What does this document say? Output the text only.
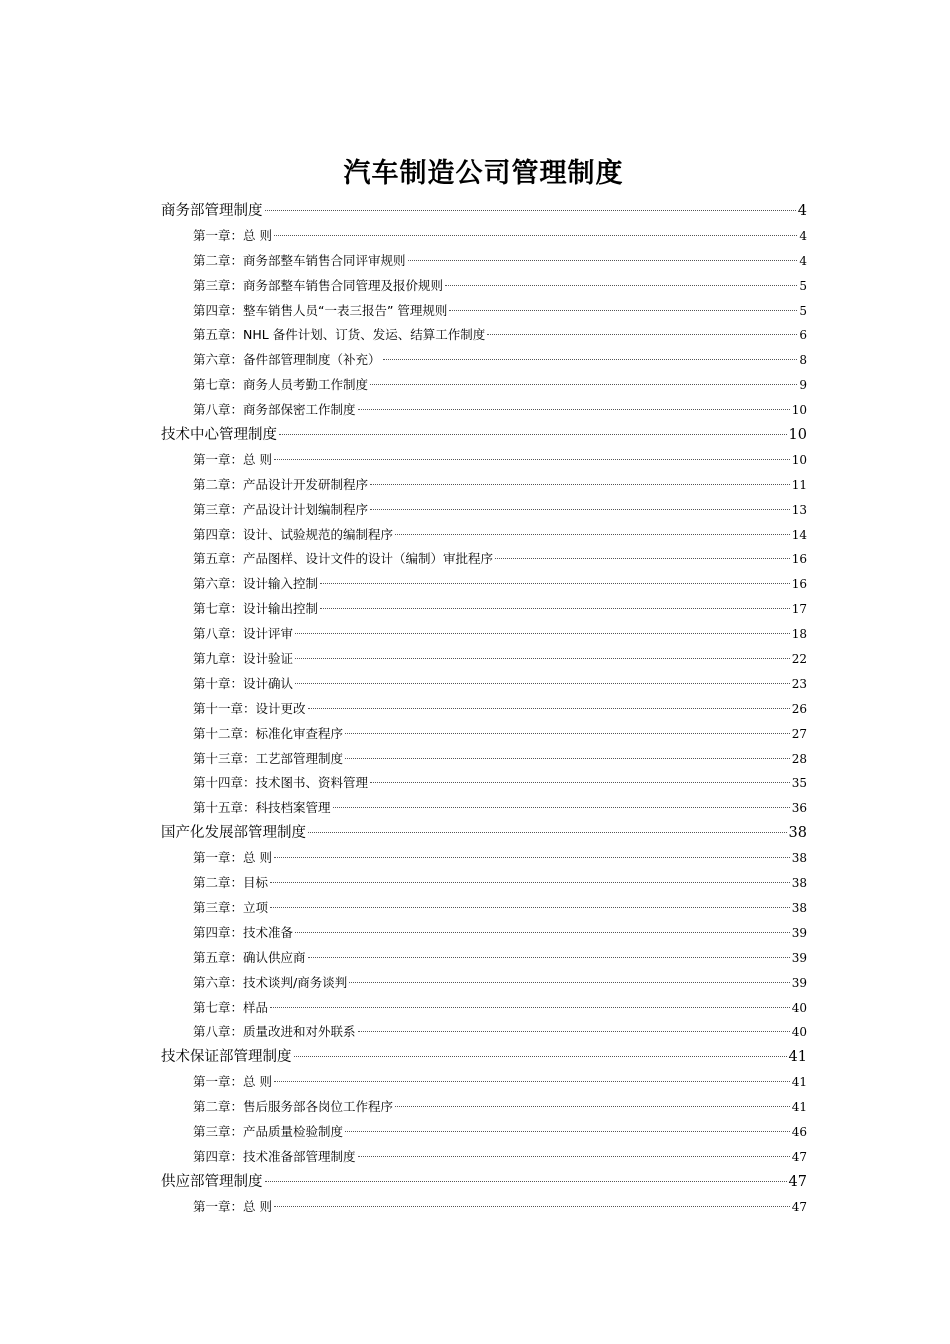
汽车制造公司管理制度
商务部管理制度	4
第一章：总 则	4
第二章：商务部整车销售合同评审规则	4
第三章：商务部整车销售合同管理及报价规则	5
第四章：整车销售人员“一表三报告” 管理规则	5
第五章：NHL 备件计划、订货、发运、结算工作制度	6
第六章：备件部管理制度（补充）	8
第七章：商务人员考勤工作制度	9
第八章：商务部保密工作制度	10
技术中心管理制度	10
第一章：总 则	10
第二章：产品设计开发研制程序	11
第三章：产品设计计划编制程序	13
第四章：设计、试验规范的编制程序	14
第五章：产品图样、设计文件的设计（编制）审批程序	16
第六章：设计输入控制	16
第七章：设计输出控制	17
第八章：设计评审	18
第九章：设计验证	22
第十章：设计确认	23
第十一章：设计更改	26
第十二章：标准化审查程序	27
第十三章：工艺部管理制度	28
第十四章：技术图书、资料管理	35
第十五章：科技档案管理	36
国产化发展部管理制度	38
第一章：总 则	38
第二章：目标	38
第三章：立项	38
第四章：技术准备	39
第五章：确认供应商	39
第六章：技术谈判/商务谈判	39
第七章：样品	40
第八章：质量改进和对外联系	40
技术保证部管理制度	41
第一章：总 则	41
第二章：售后服务部各岗位工作程序	41
第三章：产品质量检验制度	46
第四章：技术准备部管理制度	47
供应部管理制度	47
第一章：总 则	47
